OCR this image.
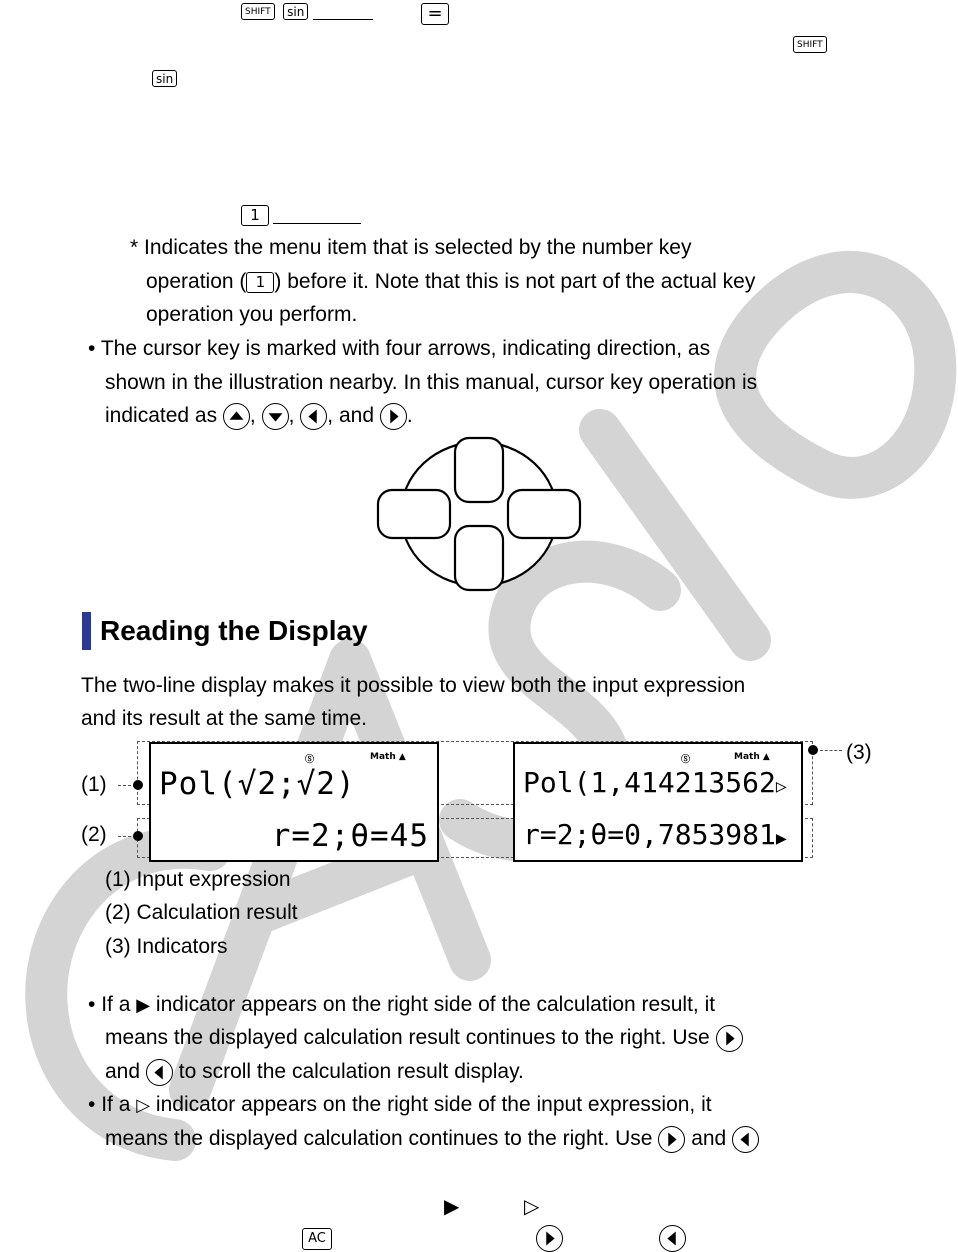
SHIFT sin	=
SHIFT
sin
1
* Indicates the menu item that is selected by the number key
operation ( 1 ) before it. Note that this is not part of the actual key
operation you perform.
• The cursor key is marked with four arrows, indicating direction, as
shown in the illustration nearby. In this manual, cursor key operation is
indicated as , , , and .
Reading the Display
The two-line display makes it possible to view both the input expression
and its result at the same time.
Ⓢ	Math ▲
Pol(√2;√2)
r=2;θ=45
Ⓢ	Math ▲
Pol(1,414213562▷
r=2;θ=0,7853981▶
(1)
(2)
(3)
(1) Input expression
(2) Calculation result
(3) Indicators
• If a ▶ indicator appears on the right side of the calculation result, it
means the displayed calculation result continues to the right. Use
and to scroll the calculation result display.
• If a ▷ indicator appears on the right side of the input expression, it
means the displayed calculation continues to the right. Use and
▶	▷
AC
